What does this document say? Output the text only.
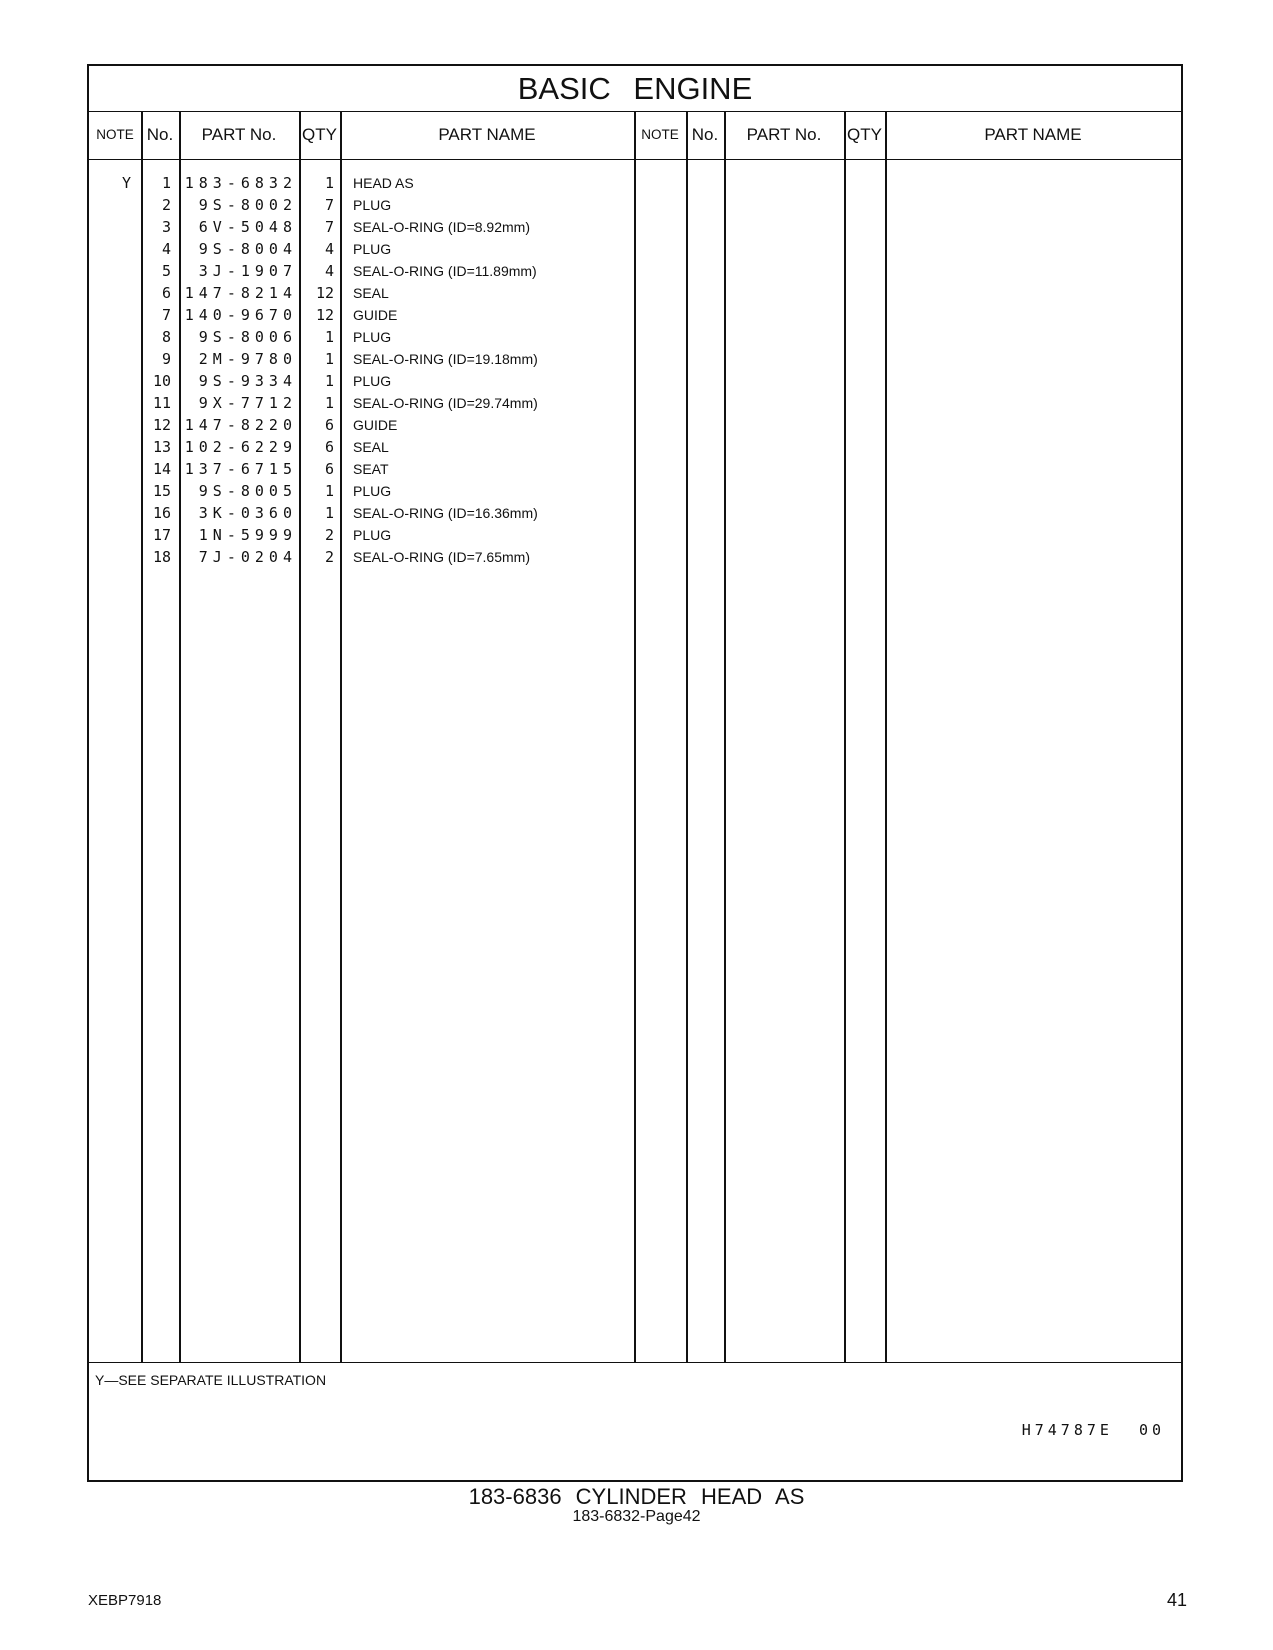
BASIC ENGINE
NOTE No.	PART No.	QTY	PART NAME	NOTE No.	PART No.	QTY	PART NAME
Y	1 183-6832	1	HEAD AS
2	9S-8002	7	PLUG
3	6V-5048	7	SEAL-O-RING (ID=8.92mm)
4	9S-8004	4	PLUG
5	3J-1907	4	SEAL-O-RING (ID=11.89mm)
6 147-8214	12	SEAL
7 140-9670	12	GUIDE
8	9S-8006	1	PLUG
9	2M-9780	1	SEAL-O-RING (ID=19.18mm)
10	9S-9334	1	PLUG
11	9X-7712	1	SEAL-O-RING (ID=29.74mm)
12 147-8220	6	GUIDE
13 102-6229	6	SEAL
14 137-6715	6	SEAT
15	9S-8005	1	PLUG
16	3K-0360	1	SEAL-O-RING (ID=16.36mm)
17	1N-5999	2	PLUG
18	7J-0204	2	SEAL-O-RING (ID=7.65mm)
Y—SEE SEPARATE ILLUSTRATION
H74787E 00
183-6836 CYLINDER HEAD AS
183-6832-Page42
XEBP7918	41
